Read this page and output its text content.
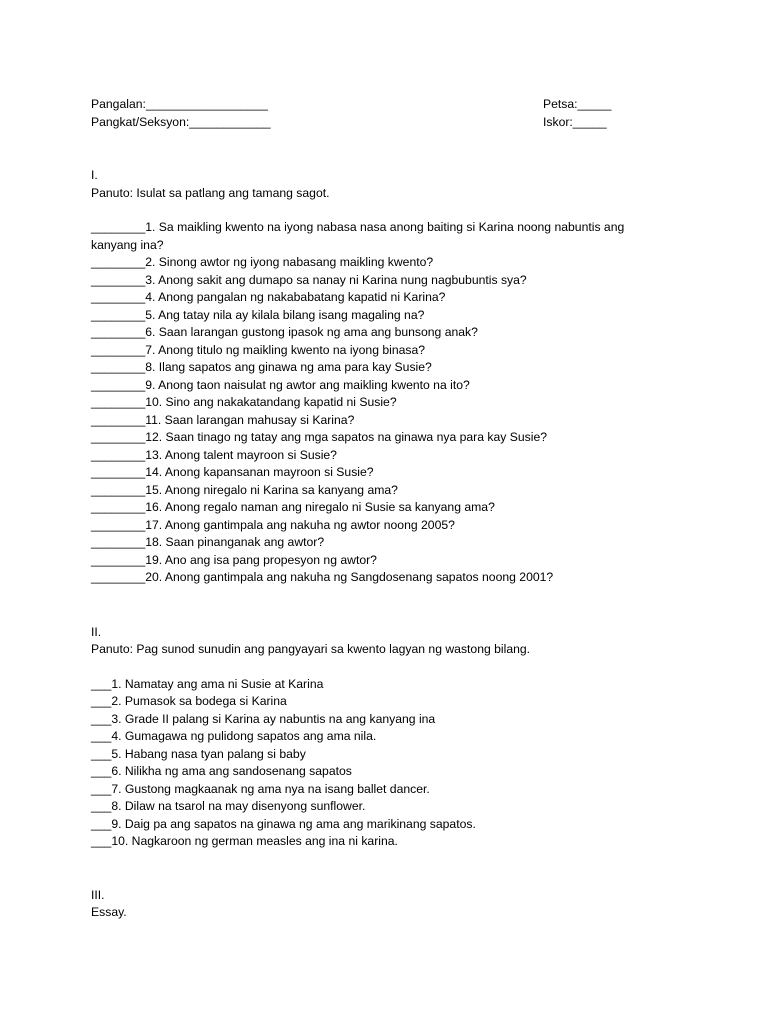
Pangalan:__________________	Petsa:_____
Pangkat/Seksyon:____________	Iskor:_____
I.
Panuto: Isulat sa patlang ang tamang sagot.
________1. Sa maikling kwento na iyong nabasa nasa anong baitіng si Karina noong nabuntіs ang kanyang ina?
________2. Sinong awtor ng iyong nabasang maikling kwento?
________3. Anong sakit ang dumapo sa nanay ni Karina nung nagbubuntіs sya?
________4. Anong pangalan ng nakababatang kapatіd ni Karina?
________5. Ang tatay nila ay kilala bilang isang magaling na?
________6. Saan larangan gustong ipasok ng ama ang bunsong anak?
________7. Anong tіtulo ng maikling kwento na iyong binasa?
________8. Ilang sapatos ang ginawa ng ama para kay Susie?
________9. Anong taon naisulat ng awtor ang maikling kwento na ito?
________10. Sino ang nakakatandang kapatіd ni Susie?
________11. Saan larangan mahusay si Karina?
________12. Saan tіnago ng tatay ang mga sapatos na ginawa nya para kay Susie?
________13. Anong talent mayroon si Susie?
________14. Anong kapansanan mayroon si Susie?
________15. Anong niregalo ni Karina sa kanyang ama?
________16. Anong regalo naman ang niregalo ni Susie sa kanyang ama?
________17. Anong gantіmpala ang nakuha ng awtor noong 2005?
________18. Saan pinanganak ang awtor?
________19. Ano ang isa pang propesyon ng awtor?
________20. Anong gantіmpala ang nakuha ng Sangdosenang sapatos noong 2001?
II.
Panuto: Pag sunod sunudin ang pangyayari sa kwento lagyan ng wastong bilang.
___1. Namatay ang ama ni Susie at Karina
___2. Pumasok sa bodega si Karina
___3. Grade II palang si Karina ay nabuntіs na ang kanyang ina
___4. Gumagawa ng pulidong sapatos ang ama nila.
___5. Habang nasa tyan palang si baby
___6. Nilikha ng ama ang sandosenang sapatos
___7. Gustong magkaanak ng ama nya na isang ballet dancer.
___8. Dilaw na tsarol na may disenyong sunflower.
___9. Daig pa ang sapatos na ginawa ng ama ang marikinang sapatos.
___10. Nagkaroon ng german measles ang ina ni karina.
III.
Essay.
